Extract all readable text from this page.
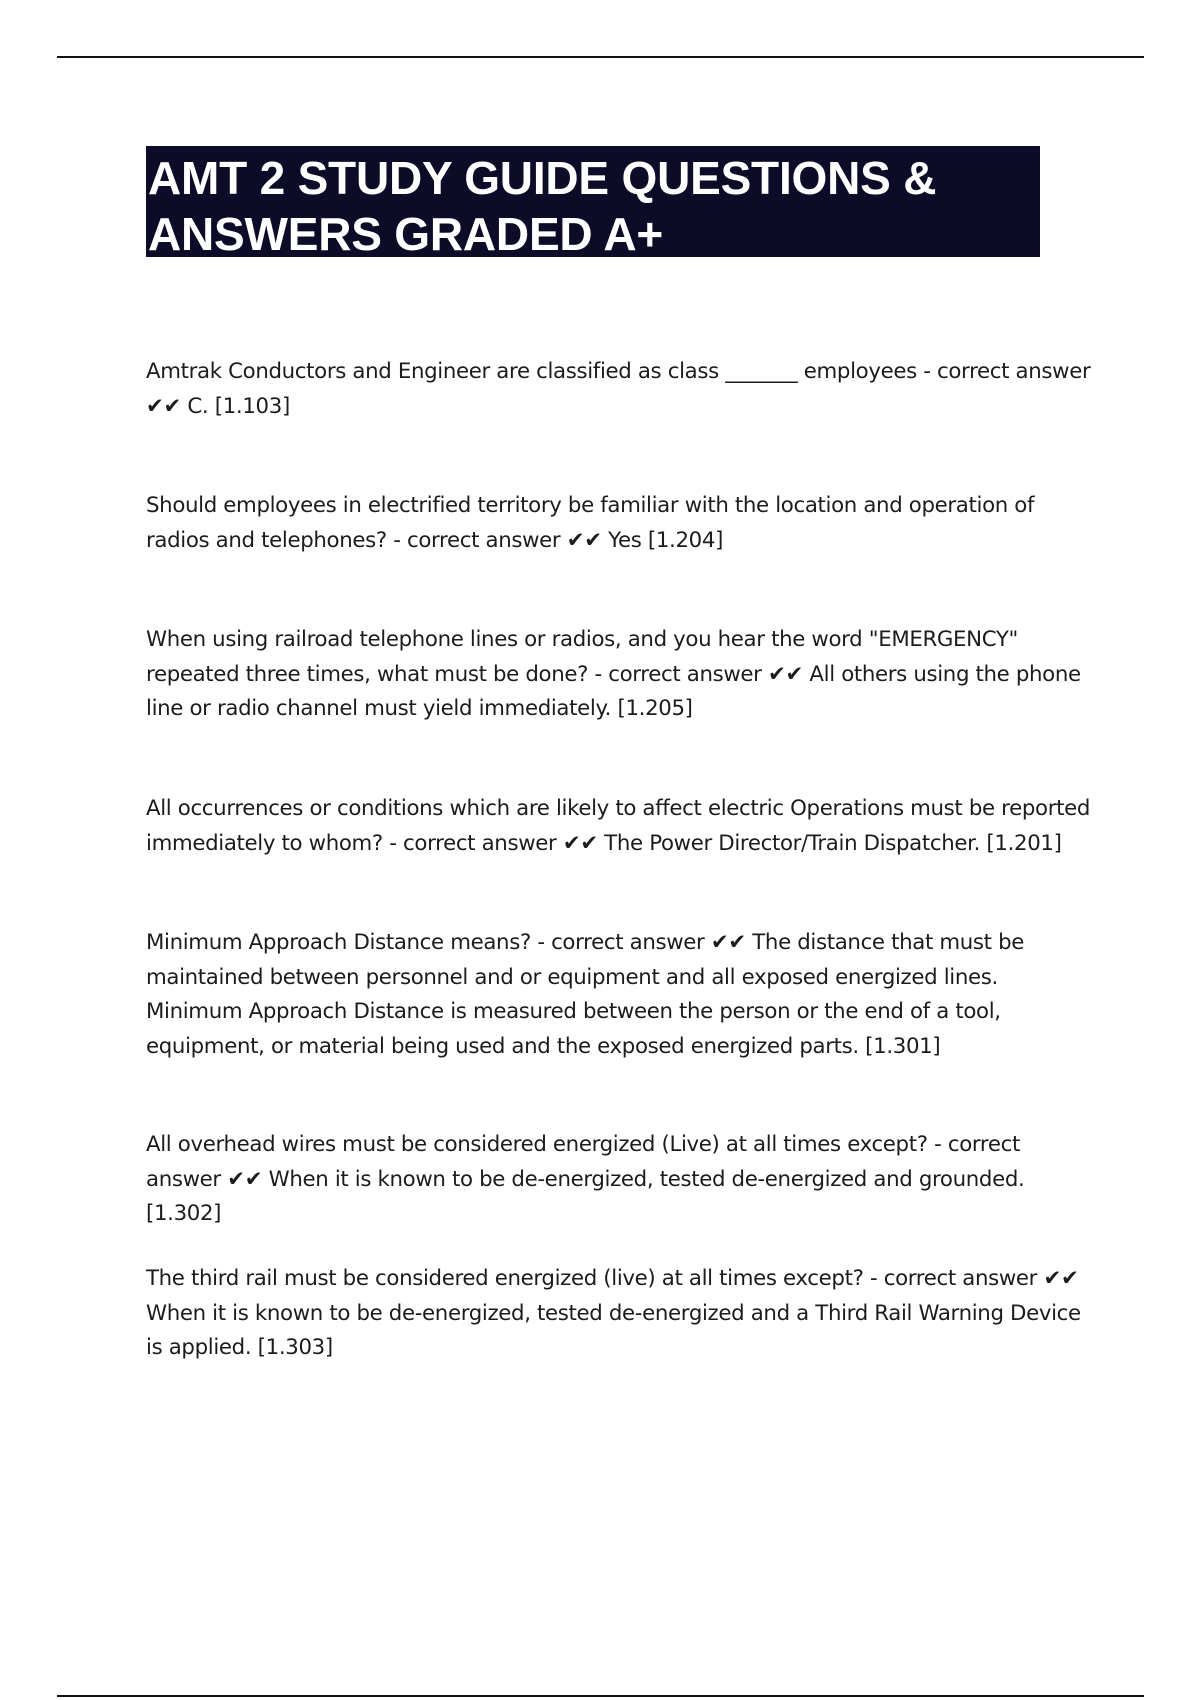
AMT 2 STUDY GUIDE QUESTIONS & ANSWERS GRADED A+

Amtrak Conductors and Engineer are classified as class _______ employees - correct answer ✔✔ C. [1.103]

Should employees in electrified territory be familiar with the location and operation of radios and telephones? - correct answer ✔✔ Yes [1.204]

When using railroad telephone lines or radios, and you hear the word "EMERGENCY" repeated three times, what must be done? - correct answer ✔✔ All others using the phone line or radio channel must yield immediately. [1.205]

All occurrences or conditions which are likely to affect electric Operations must be reported immediately to whom? - correct answer ✔✔ The Power Director/Train Dispatcher. [1.201]

Minimum Approach Distance means? - correct answer ✔✔ The distance that must be maintained between personnel and or equipment and all exposed energized lines. Minimum Approach Distance is measured between the person or the end of a tool, equipment, or material being used and the exposed energized parts. [1.301]

All overhead wires must be considered energized (Live) at all times except? - correct answer ✔✔ When it is known to be de-energized, tested de-energized and grounded. [1.302]

The third rail must be considered energized (live) at all times except? - correct answer ✔✔ When it is known to be de-energized, tested de-energized and a Third Rail Warning Device is applied. [1.303]
